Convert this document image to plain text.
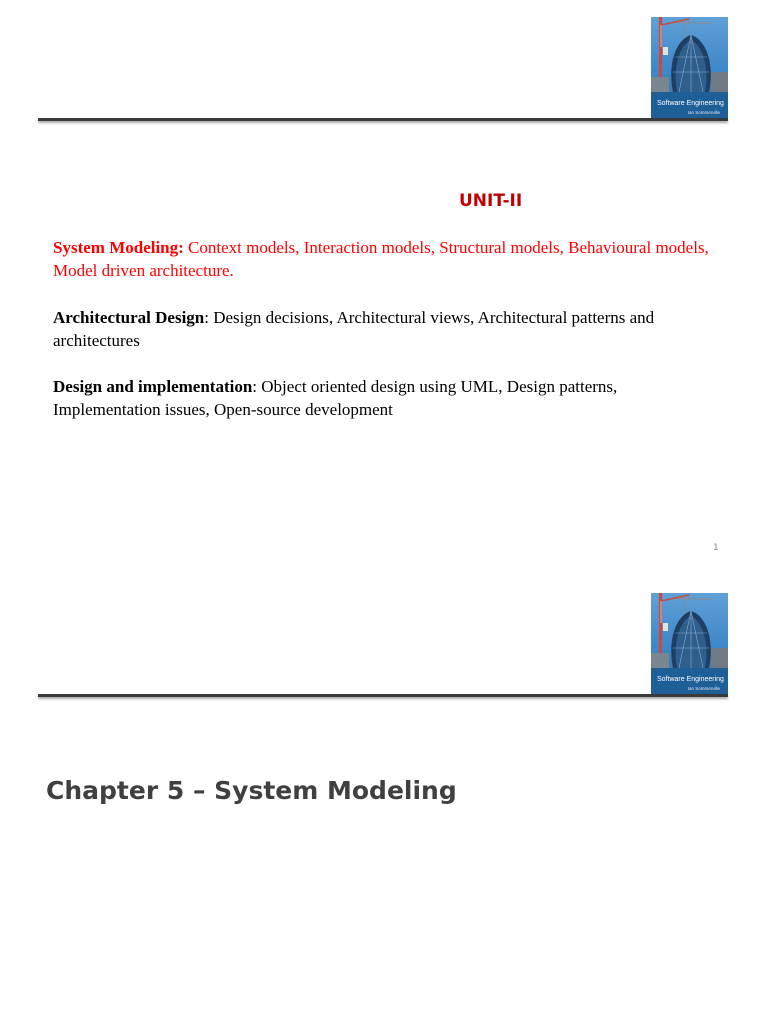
Software Engineering
Ian Sommerville
UNIT-II
System Modeling: Context models, Interaction models, Structural models, Behavioural models, Model driven architecture.
Architectural Design: Design decisions, Architectural views, Architectural patterns and architectures
Design and implementation: Object oriented design using UML, Design patterns, Implementation issues, Open-source development
1
Software Engineering
Ian Sommerville
Chapter 5 – System Modeling
